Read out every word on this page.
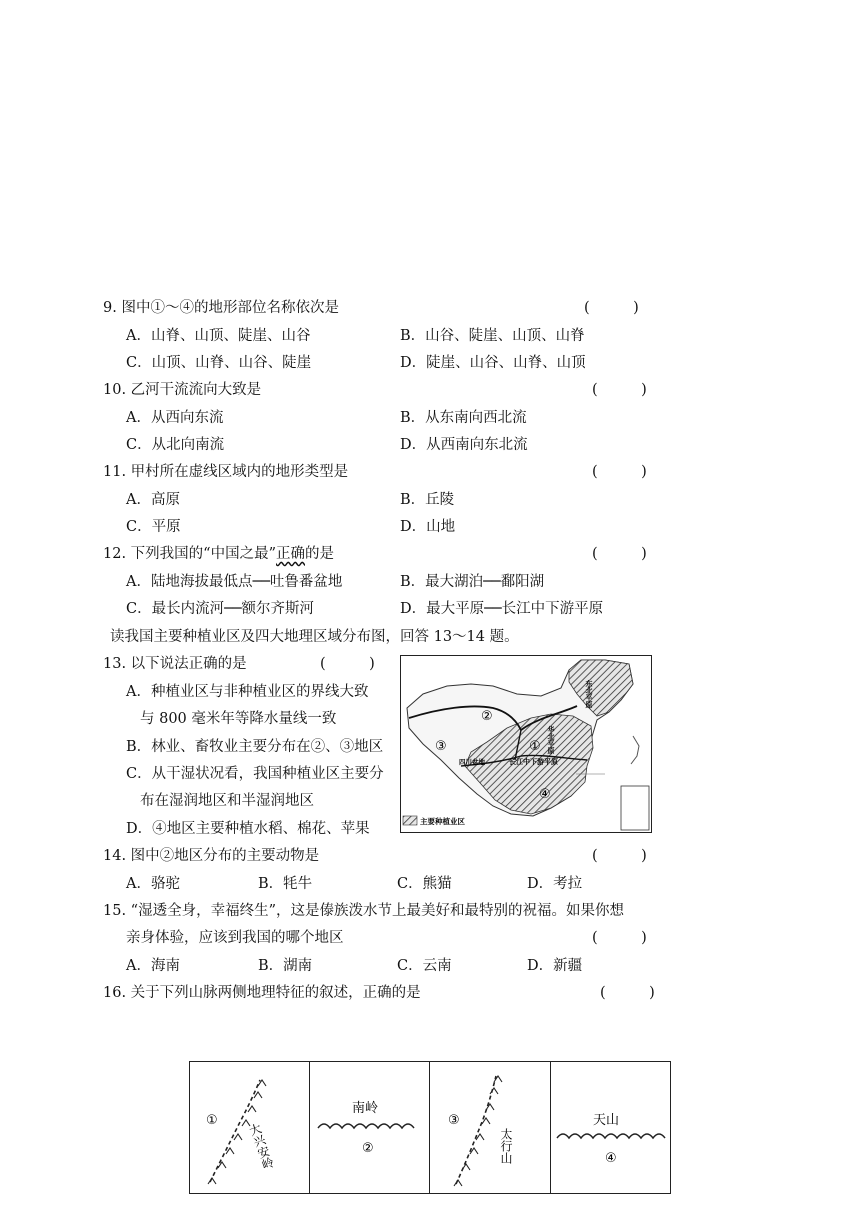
9. 图中①～④的地形部位名称依次是	(　　　)
A．山脊、山顶、陡崖、山谷	B．山谷、陡崖、山顶、山脊
C．山顶、山脊、山谷、陡崖	D．陡崖、山谷、山脊、山顶
10. 乙河干流流向大致是	(　　　)
A．从西向东流	B．从东南向西北流
C．从北向南流	D．从西南向东北流
11. 甲村所在虚线区域内的地形类型是	(　　　)
A．高原	B．丘陵
C．平原	D．山地
12. 下列我国的“中国之最”正确的是	(　　　)
A．陆地海拔最低点──吐鲁番盆地	B．最大湖泊──鄱阳湖
C．最长内流河──额尔齐斯河	D．最大平原──长江中下游平原
读我国主要种植业区及四大地理区域分布图，回答 13～14 题。
13. 以下说法正确的是	(　　　)
A．种植业区与非种植业区的界线大致
与 800 毫米年等降水量线一致
B．林业、畜牧业主要分布在②、③地区
C．从干湿状况看，我国种植业区主要分
布在湿润地区和半湿润地区
D．④地区主要种植水稻、棉花、苹果	主要种植业区
东北平原
华北平原
四川盆地	长江中下游平原
①
②
③
④
14. 图中②地区分布的主要动物是	(　　　)
A．骆驼	B．牦牛	C．熊猫	D．考拉
15. “湿透全身，幸福终生”，这是傣族泼水节上最美好和最特别的祝福。如果你想
亲身体验，应该到我国的哪个地区	(　　　)
A．海南	B．湖南	C．云南	D．新疆
16. 关于下列山脉两侧地理特征的叙述，正确的是	(　　　)
①
大兴安岭
南岭
②
③
太行山
天山
④
